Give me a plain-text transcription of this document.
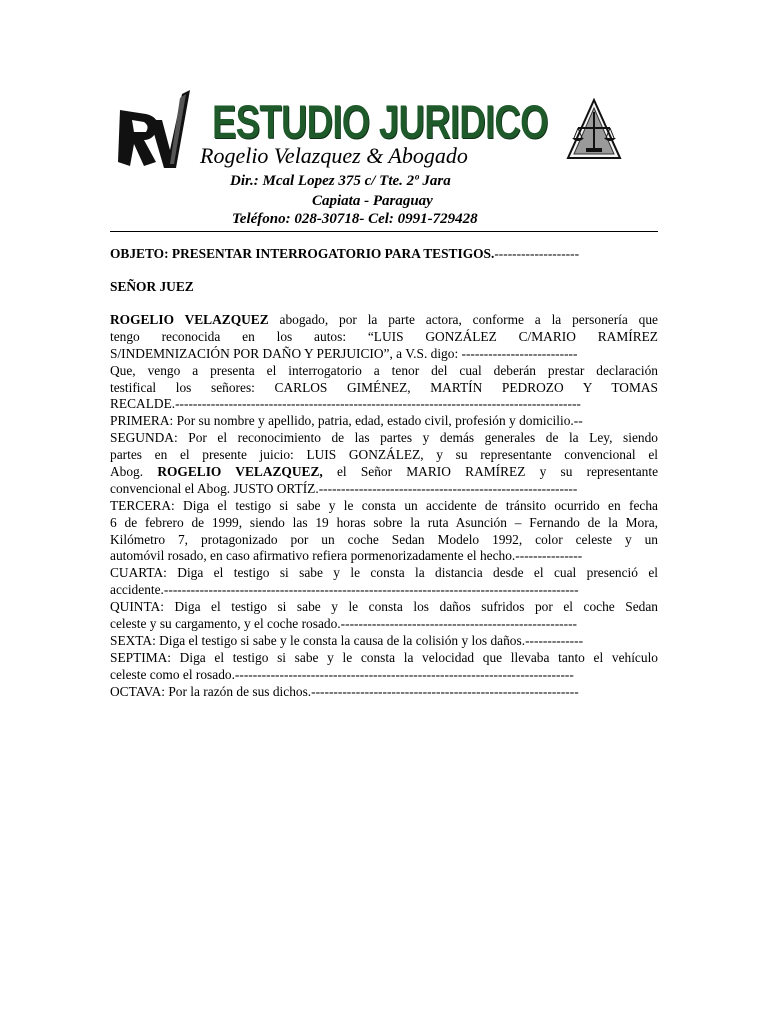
ESTUDIO JURIDICO
Rogelio Velazquez & Abogado
Dir.: Mcal Lopez 375 c/ Tte. 2º Jara
Capiata - Paraguay
Teléfono: 028-30718- Cel: 0991-729428
OBJETO: PRESENTAR INTERROGATORIO PARA TESTIGOS.-------------------
SEÑOR JUEZ
ROGELIO VELAZQUEZ abogado, por la parte actora, conforme a la personería que
tengo reconocida en los autos: “LUIS GONZÁLEZ C/MARIO RAMÍREZ
S/INDEMNIZACIÓN POR DAÑO Y PERJUICIO”, a V.S. digo: --------------------------
Que, vengo a presenta el interrogatorio a tenor del cual deberán prestar declaración
testifical los señores: CARLOS GIMÉNEZ, MARTÍN PEDROZO Y TOMAS
RECALDE.-------------------------------------------------------------------------------------------
PRIMERA: Por su nombre y apellido, patria, edad, estado civil, profesión y domicilio.--
SEGUNDA: Por el reconocimiento de las partes y demás generales de la Ley, siendo
partes en el presente juicio: LUIS GONZÁLEZ, y su representante convencional el
Abog. ROGELIO VELAZQUEZ, el Señor MARIO RAMÍREZ y su representante
convencional el Abog. JUSTO ORTÍZ.----------------------------------------------------------
TERCERA: Diga el testigo si sabe y le consta un accidente de tránsito ocurrido en fecha
6 de febrero de 1999, siendo las 19 horas sobre la ruta Asunción – Fernando de la Mora,
Kilómetro 7, protagonizado por un coche Sedan Modelo 1992, color celeste y un
automóvil rosado, en caso afirmativo refiera pormenorizadamente el hecho.---------------
CUARTA: Diga el testigo si sabe y le consta la distancia desde el cual presenció el
accidente.---------------------------------------------------------------------------------------------
QUINTA: Diga el testigo si sabe y le consta los daños sufridos por el coche Sedan
celeste y su cargamento, y el coche rosado.-----------------------------------------------------
SEXTA: Diga el testigo si sabe y le consta la causa de la colisión y los daños.-------------
SEPTIMA: Diga el testigo si sabe y le consta la velocidad que llevaba tanto el vehículo
celeste como el rosado.----------------------------------------------------------------------------
OCTAVA: Por la razón de sus dichos.------------------------------------------------------------
